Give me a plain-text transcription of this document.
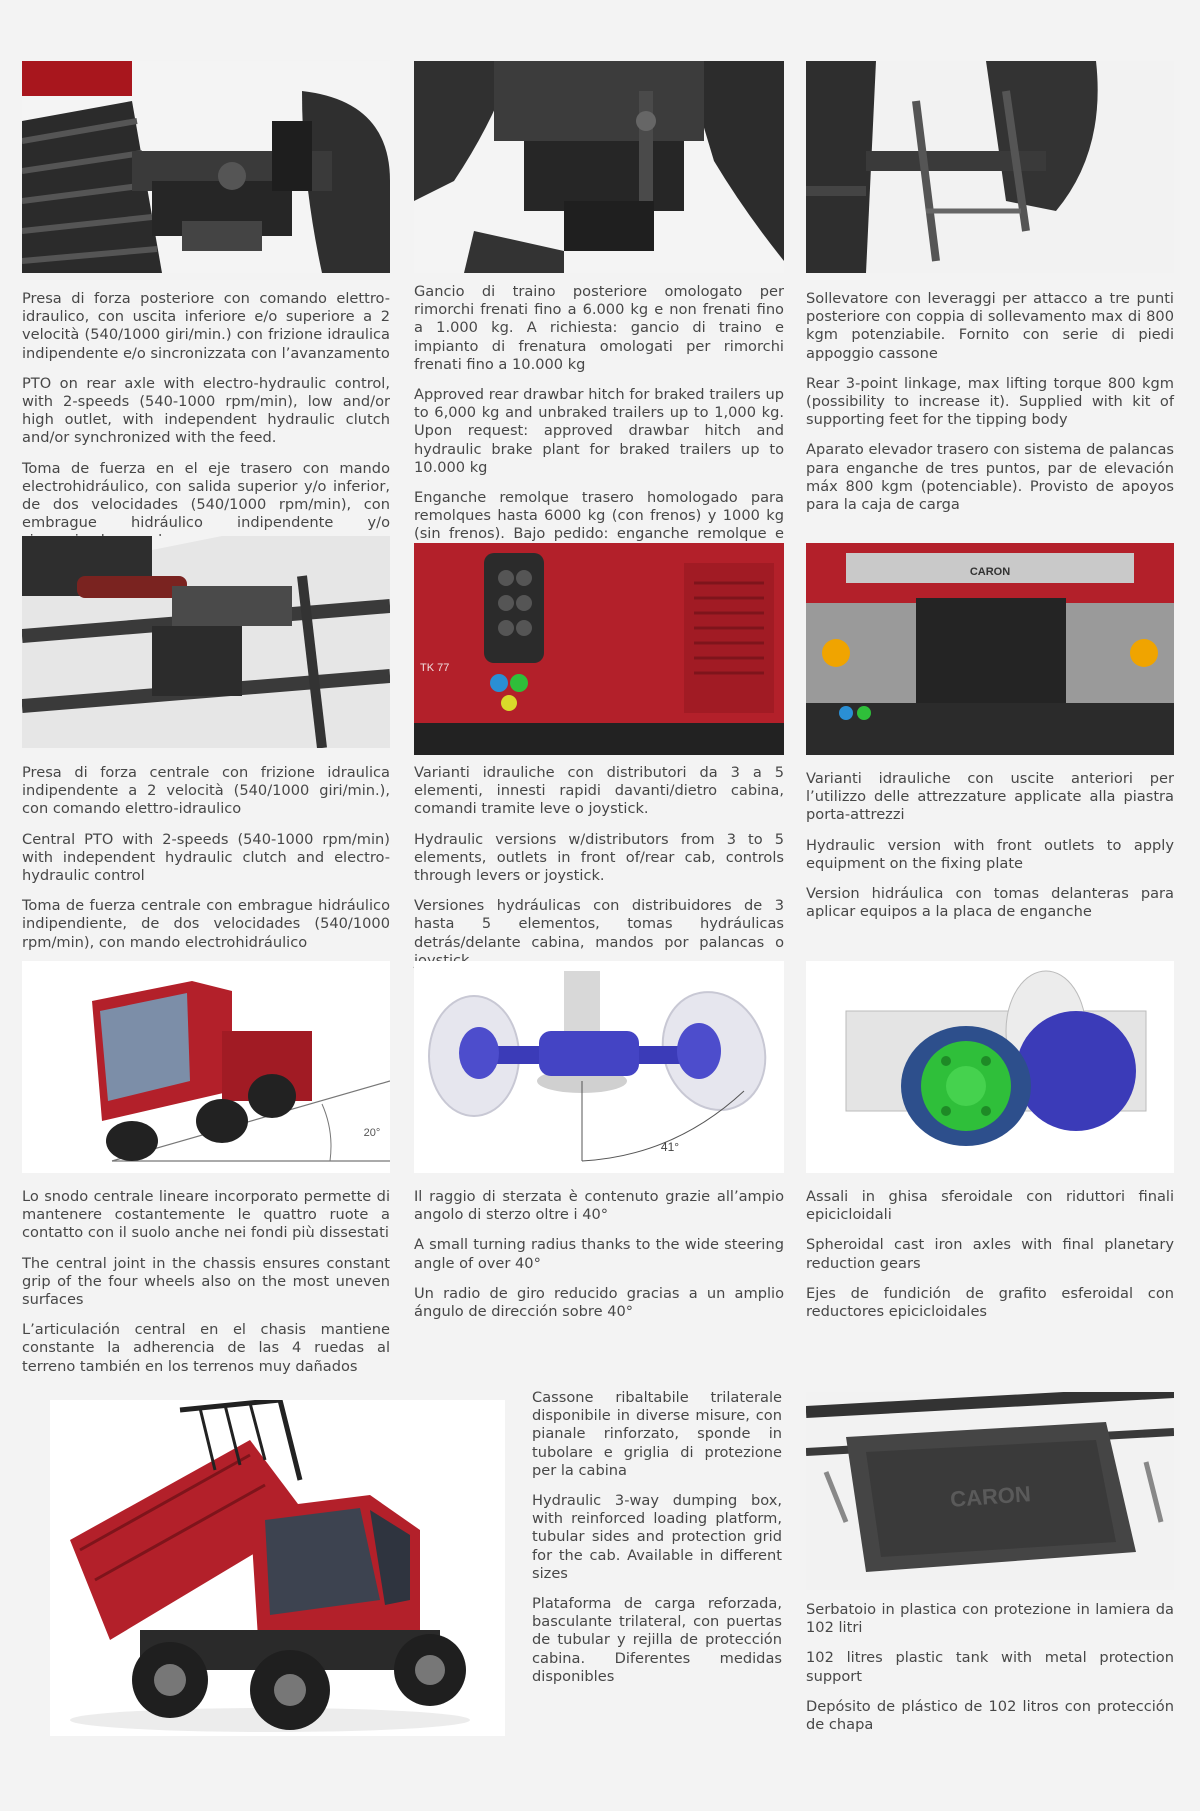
Presa di forza posteriore con comando elettro-idraulico, con uscita inferiore e/o superiore a 2 velocità (540/1000 giri/min.) con frizione idraulica indipendente e/o sincronizzata con l’avanzamento

PTO on rear axle with electro-hydraulic control, with 2-speeds (540-1000 rpm/min), low and/or high outlet, with independent hydraulic clutch and/or synchronized with the feed.

Toma de fuerza en el eje trasero con mando electrohidráulico, con salida superior y/o inferior, de dos velocidades (540/1000 rpm/min), con embrague hidráulico indipendente y/o

Gancio di traino posteriore omologato per rimorchi frenati fino a 6.000 kg e non frenati fino a 1.000 kg. A richiesta: gancio di traino e impianto di frenatura omologati per rimorchi frenati fino a 10.000 kg

Approved rear drawbar hitch for braked trailers up to 6,000 kg and unbraked trailers up to 1,000 kg. Upon request: approved drawbar hitch and hydraulic brake plant for braked trailers up to 10.000 kg

Enganche remolque trasero homologado para remolques hasta 6000 kg (con frenos) y 1000 kg (sin frenos). Bajo pedido: enganche remolque e

Sollevatore con leveraggi per attacco a tre punti posteriore con coppia di sollevamento max di 800 kgm potenziabile. Fornito con serie di piedi appoggio cassone

Rear 3-point linkage, max lifting torque 800 kgm (possibility to increase it). Supplied with kit of supporting feet for the tipping body

Aparato elevador trasero con sistema de palancas para enganche de tres puntos, par de elevación máx 800 kgm (potenciable). Provisto de apoyos para la caja de carga

TK 77
CARON

Presa di forza centrale con frizione idraulica indipendente a 2 velocità (540/1000 giri/min.), con comando elettro-idraulico

Central PTO with 2-speeds (540-1000 rpm/min) with independent hydraulic clutch and electro-hydraulic control

Toma de fuerza centrale con embrague hidráulico indipendiente, de dos velocidades (540/1000 rpm/min), con mando electrohidráulico

Varianti idrauliche con distributori da 3 a 5 elementi, innesti rapidi davanti/dietro cabina, comandi tramite leve o joystick.

Hydraulic versions w/distributors from 3 to 5 elements, outlets in front of/rear cab, controls through levers or joystick.

Versiones hydráulicas con distribuidores de 3 hasta 5 elementos, tomas hydráulicas detrás/delante cabina, mandos por palancas o

Varianti idrauliche con uscite anteriori per l’utilizzo delle attrezzature applicate alla piastra porta-attrezzi

Hydraulic version with front outlets to apply equipment on the fixing plate

Version hidráulica con tomas delanteras para aplicar equipos a la placa de enganche

20°
41°

Lo snodo centrale lineare incorporato permette di mantenere costantemente le quattro ruote a contatto con il suolo anche nei fondi più dissestati

The central joint in the chassis ensures constant grip of the four wheels also on the most uneven surfaces

L’articulación central en el chasis mantiene constante la adherencia de las 4 ruedas al terreno también en los terrenos muy dañados

Il raggio di sterzata è contenuto grazie all’ampio angolo di sterzo oltre i 40°

A small turning radius thanks to the wide steering angle of over 40°

Un radio de giro reducido gracias a un amplio ángulo de dirección sobre 40°

Assali in ghisa sferoidale con riduttori finali epicicloidali

Spheroidal cast iron axles with final planetary reduction gears

Ejes de fundición de grafito esferoidal con reductores epicicloidales

Cassone ribaltabile trilaterale disponibile in diverse misure, con pianale rinforzato, sponde in tubolare e griglia di protezione per la cabina

Hydraulic 3-way dumping box, with reinforced loading platform, tubular sides and protection grid for the cab. Available in different sizes

Plataforma de carga reforzada, basculante trilateral, con puertas de tubular y rejilla de protección cabina. Diferentes medidas disponibles

CARON

Serbatoio in plastica con protezione in lamiera da 102 litri

102 litres plastic tank with metal protection support

Depósito de plástico de 102 litros con protección de chapa
